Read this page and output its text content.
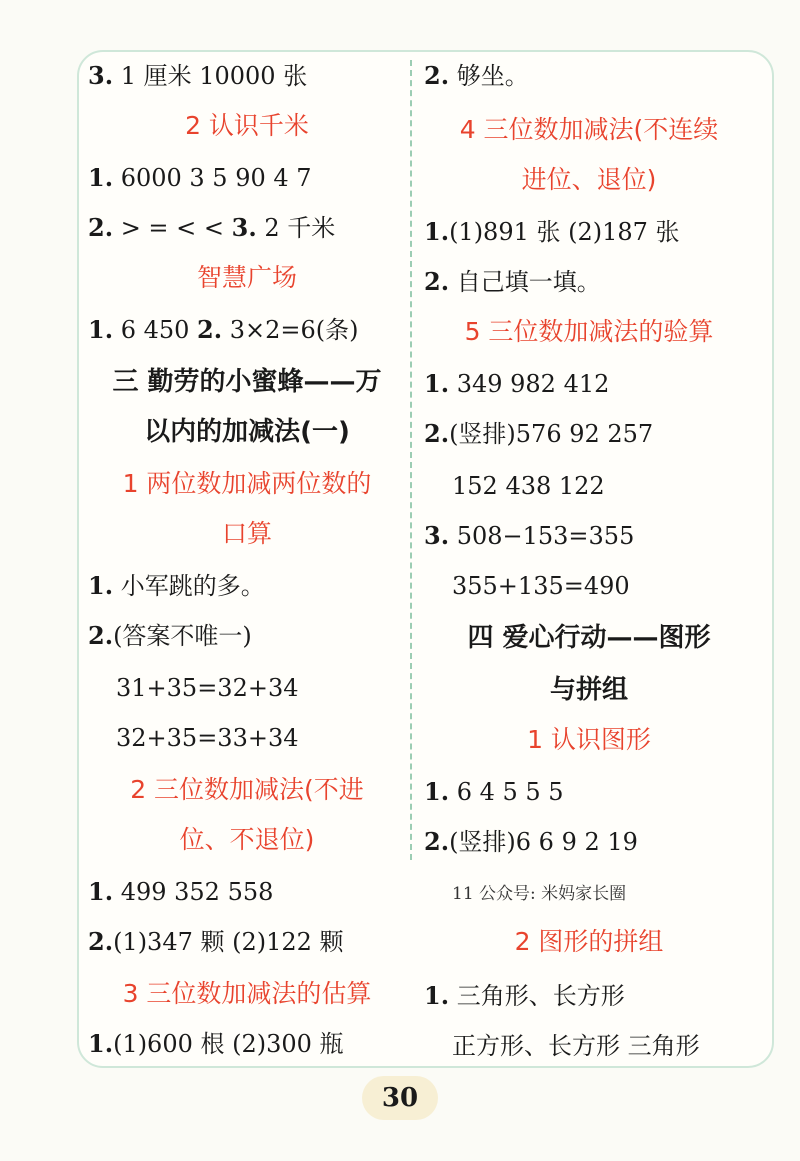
3. 1 厘米 10000 张
2 认识千米
1. 6000 3 5 90 4 7
2. > = < < 3. 2 千米
智慧广场
1. 6 450 2. 3×2=6(条)
三 勤劳的小蜜蜂——万
以内的加减法(一)
1 两位数加减两位数的
口算
1. 小军跳的多。
2.(答案不唯一)
31+35=32+34
32+35=33+34
2 三位数加减法(不进
位、不退位)
1. 499 352 558
2.(1)347 颗 (2)122 颗
3 三位数加减法的估算
1.(1)600 根 (2)300 瓶
2. 够坐。
4 三位数加减法(不连续
进位、退位)
1.(1)891 张 (2)187 张
2. 自己填一填。
5 三位数加减法的验算
1. 349 982 412
2.(竖排)576 92 257
152 438 122
3. 508−153=355
355+135=490
四 爱心行动——图形
与拼组
1 认识图形
1. 6 4 5 5 5
2.(竖排)6 6 9 2 19
11 公众号: 米妈家长圈
2 图形的拼组
1. 三角形、长方形
正方形、长方形 三角形
30
